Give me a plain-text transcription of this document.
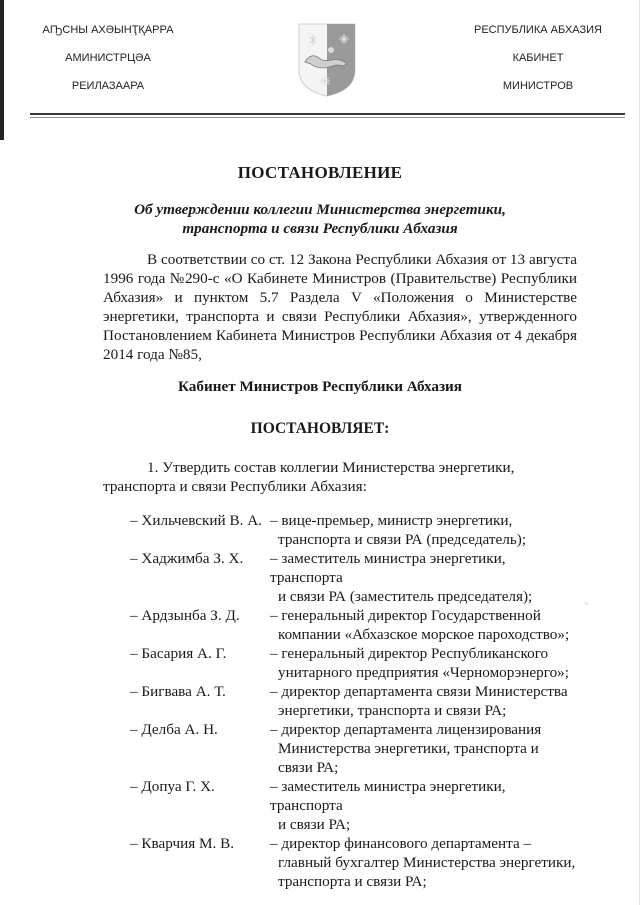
АҦСНЫ АХӘЫНҬҚАРРА
АМИНИСТРЦӘА
РЕИЛАЗААРА
РЕСПУБЛИКА АБХАЗИЯ
КАБИНЕТ
МИНИСТРОВ
ПОСТАНОВЛЕНИЕ
Об утверждении коллегии Министерства энергетики,
транспорта и связи Республики Абхазия
В соответствии со ст. 12 Закона Республики Абхазия от 13 августа 1996 года №290-с «О Кабинете Министров (Правительстве) Республики Абхазия» и пунктом 5.7 Раздела V «Положения о Министерстве энергетики, транспорта и связи Республики Абхазия», утвержденного Постановлением Кабинета Министров Республики Абхазия от 4 декабря 2014 года №85,
Кабинет Министров Республики Абхазия
ПОСТАНОВЛЯЕТ:
1. Утвердить состав коллегии Министерства энергетики, транспорта и связи Республики Абхазия:
– Хильчевский В. А. – вице-премьер, министр энергетики,
транспорта и связи РА (председатель);
– Хаджимба З. Х.	– заместитель министра энергетики, транспорта
и связи РА (заместитель председателя);
– Ардзынба З. Д.	– генеральный директор Государственной
компании «Абхазское морское пароходство»;
– Басария А. Г.	– генеральный директор Республиканского
унитарного предприятия «Черноморэнерго»;
– Бигвава А. Т.	– директор департамента связи Министерства
энергетики, транспорта и связи РА;
– Делба А. Н.	– директор департамента лицензирования
Министерства энергетики, транспорта и
связи РА;
– Допуа Г. Х.	– заместитель министра энергетики, транспорта
и связи РА;
– Кварчия М. В.	– директор финансового департамента –
главный бухгалтер Министерства энергетики,
транспорта и связи РА;
